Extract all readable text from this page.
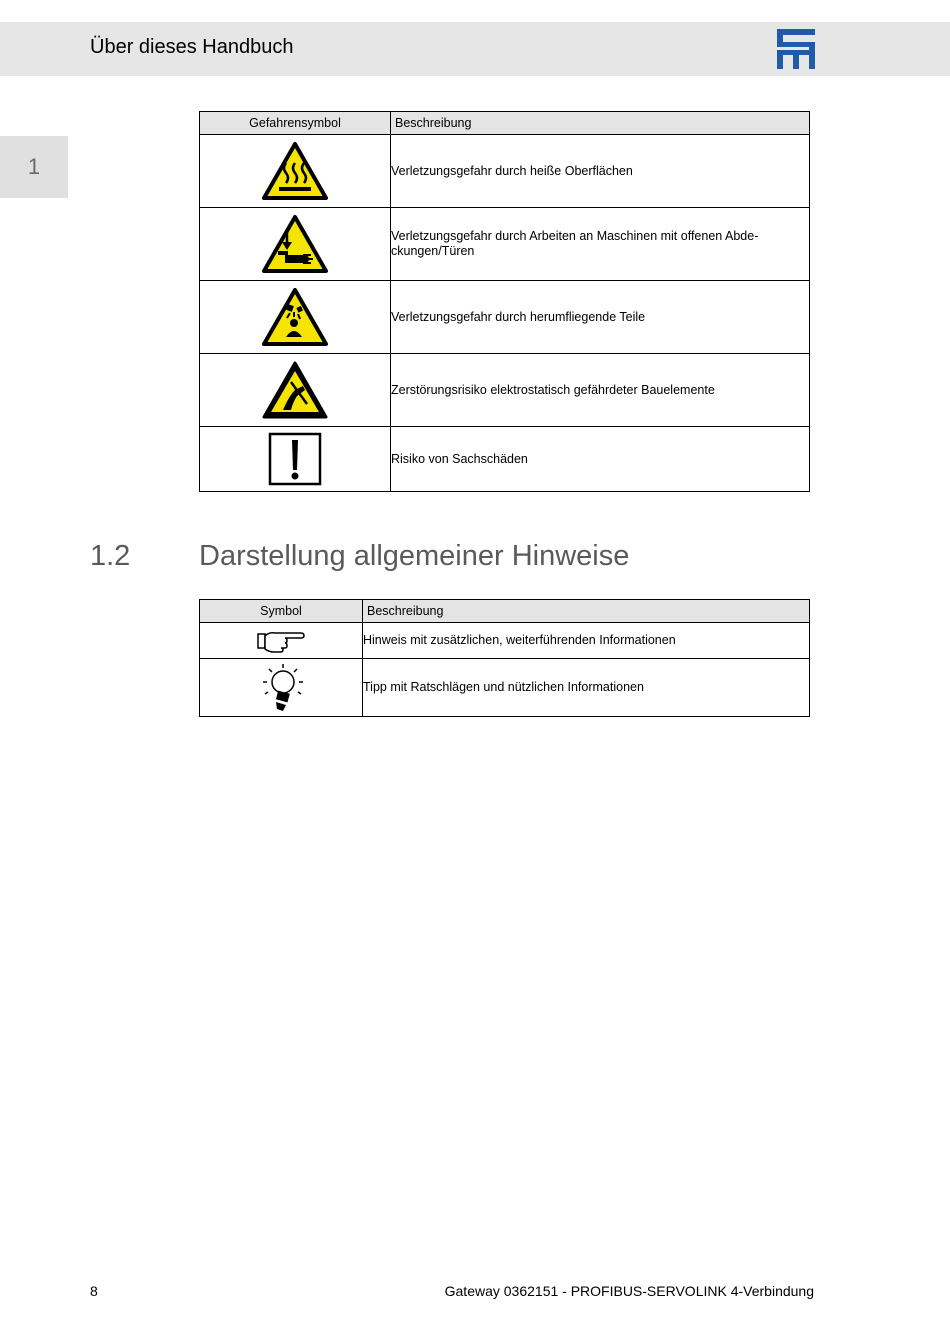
Über dieses Handbuch
1
Gefahrensymbol	Beschreibung

	Verletzungsgefahr durch heiße Oberflächen

	Verletzungsgefahr durch Arbeiten an Maschinen mit offenen Abde-
ckungen/Türen

	Verletzungsgefahr durch herumfliegende Teile

	Zerstörungsrisiko elektrostatisch gefährdeter Bauelemente

	Risiko von Sachschäden
1.2 Darstellung allgemeiner Hinweise
Symbol	Beschreibung

	Hinweis mit zusätzlichen, weiterführenden Informationen

	Tipp mit Ratschlägen und nützlichen Informationen
8	Gateway 0362151 - PROFIBUS-SERVOLINK 4-Verbindung
